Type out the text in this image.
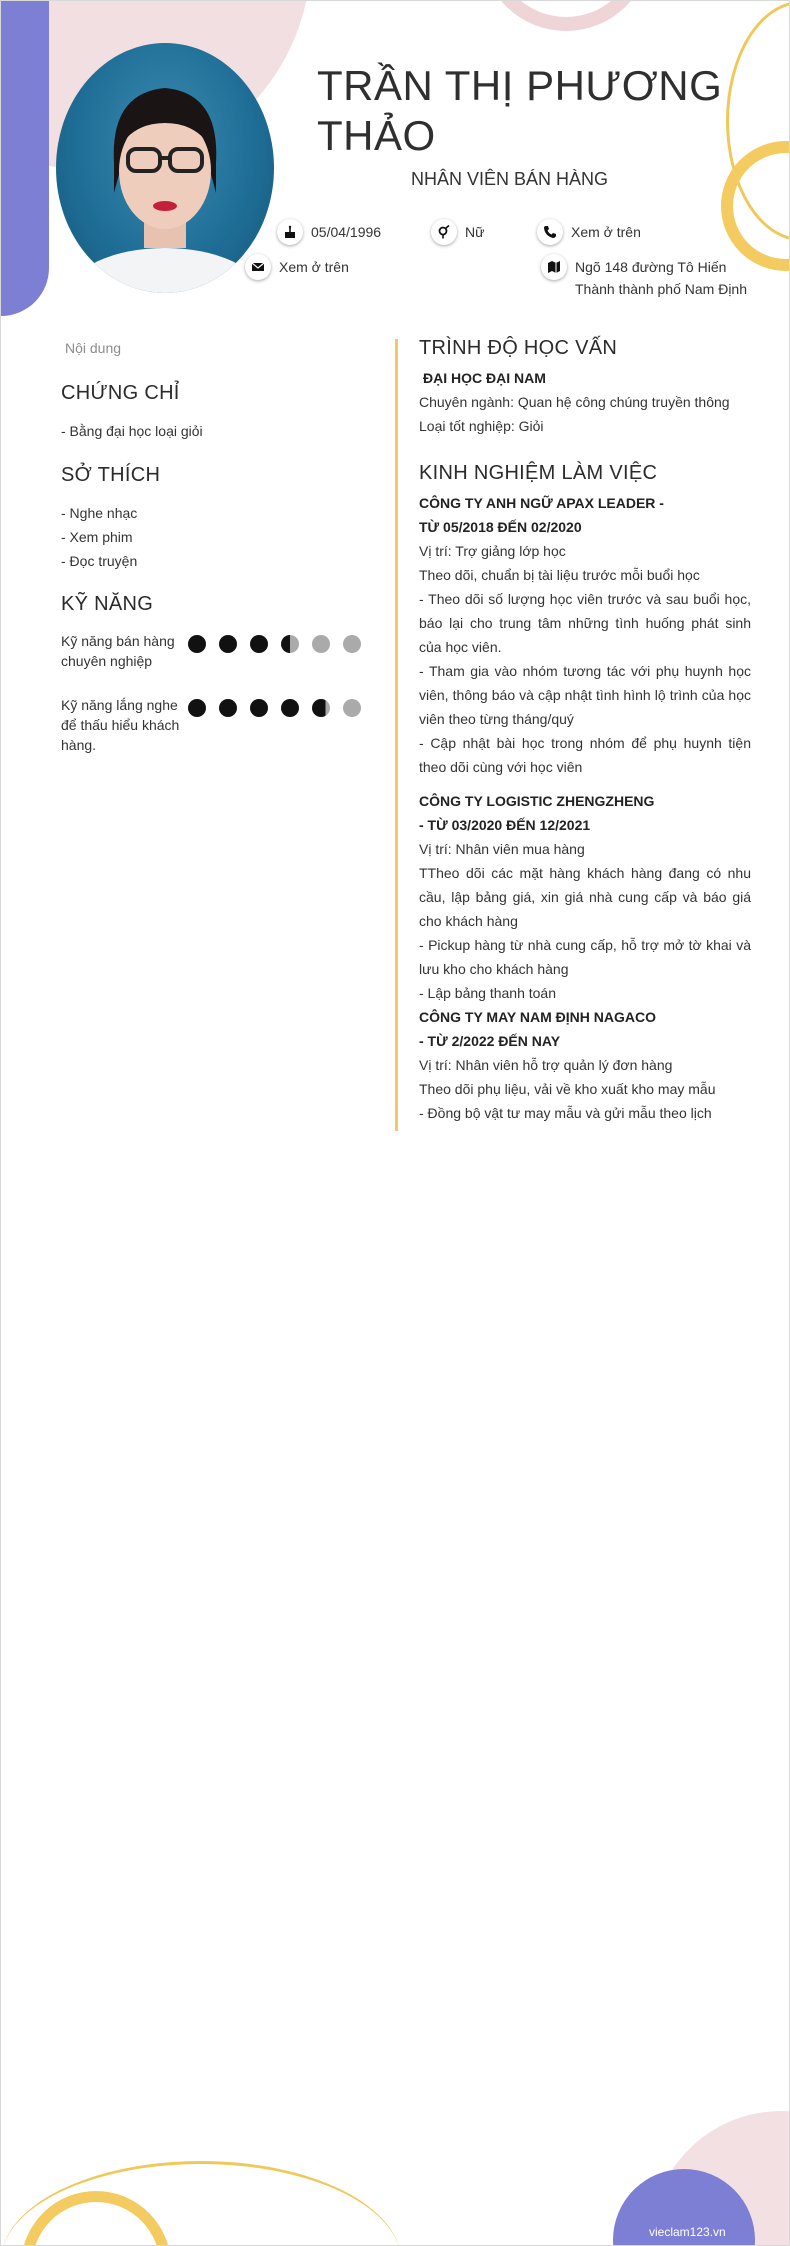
TRẦN THỊ PHƯƠNG THẢO
NHÂN VIÊN BÁN HÀNG
05/04/1996	Nữ	Xem ở trên
Xem ở trên	Ngõ 148 đường Tô Hiến
Thành thành phố Nam Định
Nội dung
CHỨNG CHỈ
- Bằng đại học loại giỏi
SỞ THÍCH
- Nghe nhạc
- Xem phim
- Đọc truyện
KỸ NĂNG
Kỹ năng bán hàng chuyên nghiệp
Kỹ năng lắng nghe để thấu hiểu khách hàng.
TRÌNH ĐỘ HỌC VẤN
ĐẠI HỌC ĐẠI NAM
Chuyên ngành: Quan hệ công chúng truyền thông
Loại tốt nghiệp: Giỏi
KINH NGHIỆM LÀM VIỆC
CÔNG TY ANH NGỮ APAX LEADER -
TỪ 05/2018 ĐẾN 02/2020
Vị trí: Trợ giảng lớp học
Theo dõi, chuẩn bị tài liệu trước mỗi buổi học
- Theo dõi số lượng học viên trước và sau buổi học, báo lại cho trung tâm những tình huống phát sinh của học viên.
- Tham gia vào nhóm tương tác với phụ huynh học viên, thông báo và cập nhật tình hình lộ trình của học viên theo từng tháng/quý
- Cập nhật bài học trong nhóm để phụ huynh tiện theo dõi cùng với học viên
CÔNG TY LOGISTIC ZHENGZHENG
- TỪ 03/2020 ĐẾN 12/2021
Vị trí: Nhân viên mua hàng
TTheo dõi các mặt hàng khách hàng đang có nhu cầu, lập bảng giá, xin giá nhà cung cấp và báo giá cho khách hàng
- Pickup hàng từ nhà cung cấp, hỗ trợ mở tờ khai và lưu kho cho khách hàng
- Lập bảng thanh toán
CÔNG TY MAY NAM ĐỊNH NAGACO
- TỪ 2/2022 ĐẾN NAY
Vị trí: Nhân viên hỗ trợ quản lý đơn hàng
Theo dõi phụ liệu, vải về kho xuất kho may mẫu
- Đồng bộ vật tư may mẫu và gửi mẫu theo lịch
vieclam123.vn
